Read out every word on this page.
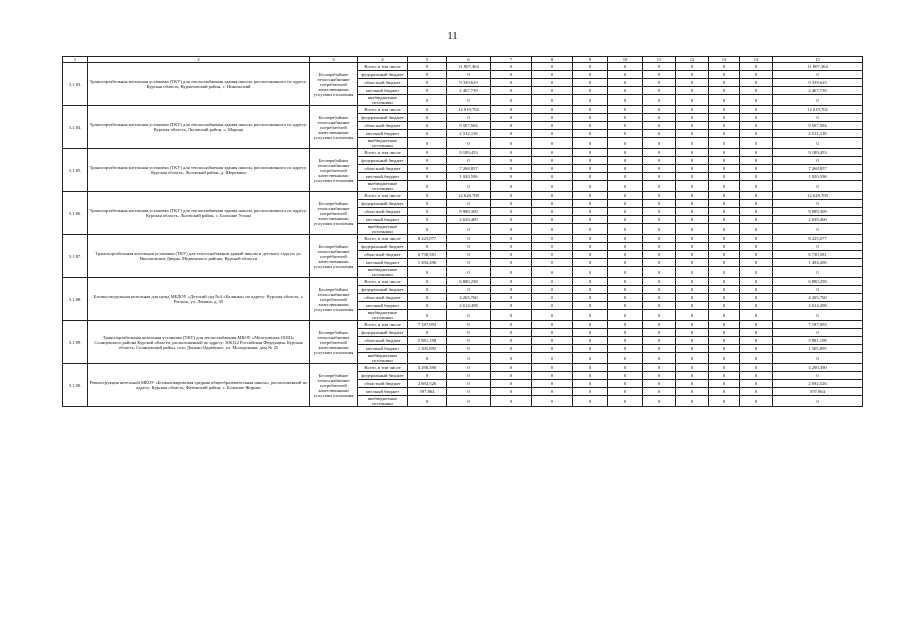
11
1	2	3	4	5	6	7	8	9	10	11	12	13	14	15
3.1.83.	Транспортабельная котельная установка (ТКУ) для теплоснабжения здания школы, расположенного по адресу: Курская область, Курчатовский район, с. Никольский	Бесперебойное теплоснабжение потребителей качественными услугами отопления	Всего, в том числе	0	11 807,364	0	0	0	0	0	0	0	0	11 807,364
			федеральный бюджет	0	0	0	0	0	0	0	0	0	0	0
			областной бюджет	0	9 339,625	0	0	0	0	0	0	0	0	9 339,625
			местный бюджет	0	2 467,739	0	0	0	0	0	0	0	0	2 467,739
			внебюджетные источники	0	0	0	0	0	0	0	0	0	0	0
3.1.84.	Транспортабельная котельная установка (ТКУ) для теплоснабжения здания школы, расположенного по адресу: Курская область, Льговский район, с. Марица	Бесперебойное теплоснабжение потребителей качественными услугами отопления	Всего, в том числе	0	12 019,702	0	0	0	0	0	0	0	0	12 019,702
			федеральный бюджет	0	0	0	0	0	0	0	0	0	0	0
			областной бюджет	0	9 507,584	0	0	0	0	0	0	0	0	9 507,584
			местный бюджет	0	2 512,118	0	0	0	0	0	0	0	0	2 512,118
			внебюджетные источники	0	0	0	0	0	0	0	0	0	0	0
3.1.85.	Транспортабельная котельная установка (ТКУ) для теплоснабжения здания школы, расположенного по адресу: Курская область, Льговский район, д. Шерекино	Бесперебойное теплоснабжение потребителей качественными услугами отопления	Всего, в том числе	0	9 189,453	0	0	0	0	0	0	0	0	9 189,453
			федеральный бюджет	0	0	0	0	0	0	0	0	0	0	0
			областной бюджет	0	7 268,857	0	0	0	0	0	0	0	0	7 268,857
			местный бюджет	0	1 920,596	0	0	0	0	0	0	0	0	1 920,596
			внебюджетные источники	0	0	0	0	0	0	0	0	0	0	0
3.1.86.	Транспортабельная котельная установка (ТКУ) для теплоснабжения здания школы, расположенного по адресу: Курская область, Льговский район, с. Большие Угоны	Бесперебойное теплоснабжение потребителей качественными услугами отопления	Всего, в том числе	0	12 628,709	0	0	0	0	0	0	0	0	12 628,709
			федеральный бюджет	0	0	0	0	0	0	0	0	0	0	0
			областной бюджет	0	9 989,309	0	0	0	0	0	0	0	0	9 989,309
			местный бюджет	0	2 639,400	0	0	0	0	0	0	0	0	2 639,400
			внебюджетные источники	0	0	0	0	0	0	0	0	0	0	0
3.1.87.	Транспортабельная котельная установка (ТКУ) для теплоснабжения зданий школы и детского сада по ул. Высоковские Дворы, Медвенского района, Курской области	Бесперебойное теплоснабжение потребителей качественными услугами отопления	Всего, в том числе	8 225,077	0	0	0	0	0	0	0	0	0	8 225,077
			федеральный бюджет	0	0	0	0	0	0	0	0	0	0	0
			областной бюджет	6 730,581	0	0	0	0	0	0	0	0	0	6 730,581
			местный бюджет	1 494,496	0	0	0	0	0	0	0	0	0	1 494,496
			внебюджетные источники	0	0	0	0	0	0	0	0	0	0	0
3.1.88.	Блочно-модульная котельная для нужд МБДОУ «Детский сад №4 «Калинка» по адресу: Курская область, г. Рыльск, ул. Ленина, д. 35	Бесперебойное теплоснабжение потребителей качественными услугами отопления	Всего, в том числе	0	6 880,258	0	0	0	0	0	0	0	0	6 880,258
			федеральный бюджет	0	0	0	0	0	0	0	0	0	0	0
			областной бюджет	0	4 265,760	0	0	0	0	0	0	0	0	4 265,760
			местный бюджет	0	2 614,498	0	0	0	0	0	0	0	0	2 614,498
			внебюджетные источники	0	0	0	0	0	0	0	0	0	0	0
3.1.89.	Транспортабельная котельная установка (ТКУ) для теплоснабжения МКОУ «Мелеховская ООШ» Солнцевского района Курской области, расположенной по адресу: 306122 Российская Федерация, Курская область, Солнцевский район, село Доньно-Царевское, ул. Молодежная, дом № 25	Бесперебойное теплоснабжение потребителей качественными услугами отопления	Всего, в том числе	7 187,093	0	0	0	0	0	0	0	0	0	7 187,093
			федеральный бюджет	0	0	0	0	0	0	0	0	0	0	0
			областной бюджет	5 881,198	0	0	0	0	0	0	0	0	0	5 881,198
			местный бюджет	1 305,895	0	0	0	0	0	0	0	0	0	1 305,895
			внебюджетные источники	0	0	0	0	0	0	0	0	0	0	0
3.1.90.	Реконструкция котельной МКОУ «Большежировская средняя общеобразовательная школа», расположенной по адресу: Курская область, Фатежский район, с. Большое Жирово	Бесперебойное теплоснабжение потребителей качественными услугами отопления	Всего, в том числе	3 290,390	0	0	0	0	0	0	0	0	0	3 290,390
			федеральный бюджет	0	0	0	0	0	0	0	0	0	0	0
			областной бюджет	2 692,526	0	0	0	0	0	0	0	0	0	2 692,526
			местный бюджет	597,864	0	0	0	0	0	0	0	0	0	597,864
			внебюджетные источники	0	0	0	0	0	0	0	0	0	0	0
